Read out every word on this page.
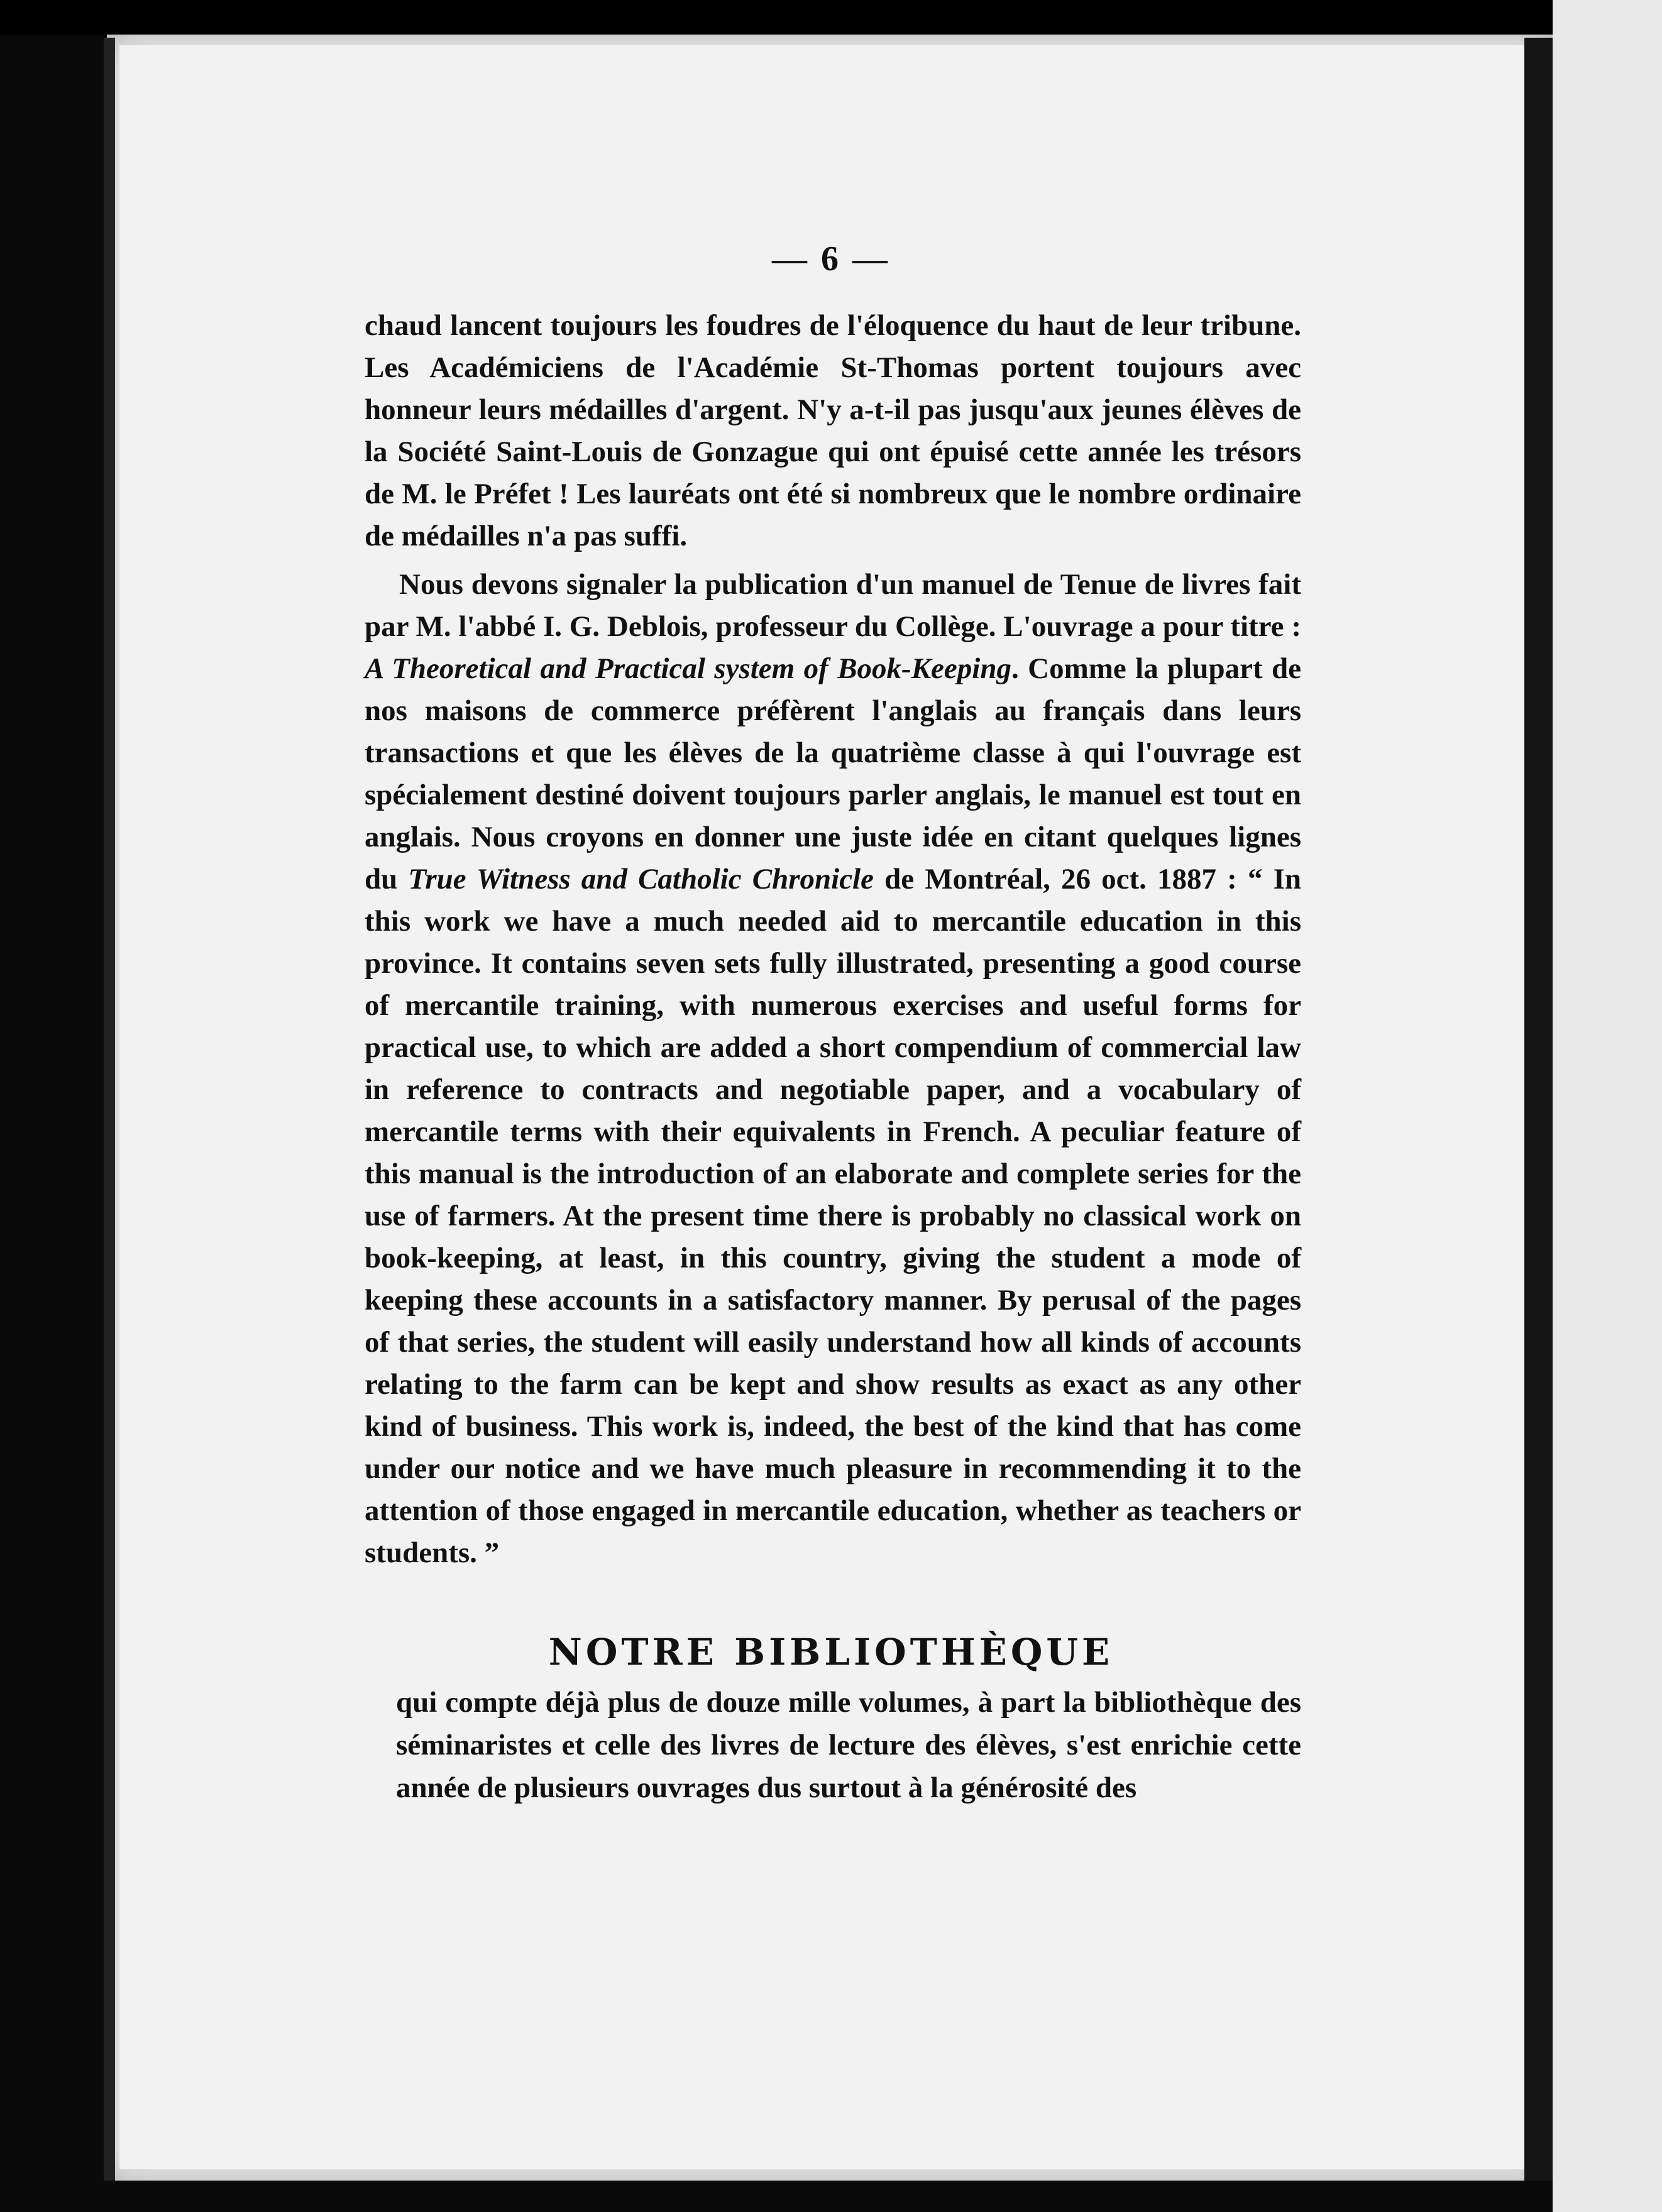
— 6 —

chaud lancent toujours les foudres de l'éloquence du haut de leur tribune. Les Académiciens de l'Académie St-Thomas portent toujours avec honneur leurs médailles d'argent. N'y a-t-il pas jusqu'aux jeunes élèves de la Société Saint-Louis de Gonzague qui ont épuisé cette année les trésors de M. le Préfet ! Les lauréats ont été si nombreux que le nombre ordinaire de médailles n'a pas suffi.

Nous devons signaler la publication d'un manuel de Tenue de livres fait par M. l'abbé I. G. Deblois, professeur du Collège. L'ouvrage a pour titre : A Theoretical and Practical system of Book-Keeping. Comme la plupart de nos maisons de commerce préfèrent l'anglais au français dans leurs transactions et que les élèves de la quatrième classe à qui l'ouvrage est spécialement destiné doivent toujours parler anglais, le manuel est tout en anglais. Nous croyons en donner une juste idée en citant quelques lignes du True Witness and Catholic Chronicle de Montréal, 26 oct. 1887 : “ In this work we have a much needed aid to mercantile education in this province. It contains seven sets fully illustrated, presenting a good course of mercantile training, with numerous exercises and useful forms for practical use, to which are added a short compendium of commercial law in reference to contracts and negotiable paper, and a vocabulary of mercantile terms with their equivalents in French. A peculiar feature of this manual is the introduction of an elaborate and complete series for the use of farmers. At the present time there is probably no classical work on book-keeping, at least, in this country, giving the student a mode of keeping these accounts in a satisfactory manner. By perusal of the pages of that series, the student will easily understand how all kinds of accounts relating to the farm can be kept and show results as exact as any other kind of business. This work is, indeed, the best of the kind that has come under our notice and we have much pleasure in recommending it to the attention of those engaged in mercantile education, whether as teachers or students. ”

NOTRE BIBLIOTHÈQUE

qui compte déjà plus de douze mille volumes, à part la bibliothèque des séminaristes et celle des livres de lecture des élèves, s'est enrichie cette année de plusieurs ouvrages dus surtout à la générosité des
